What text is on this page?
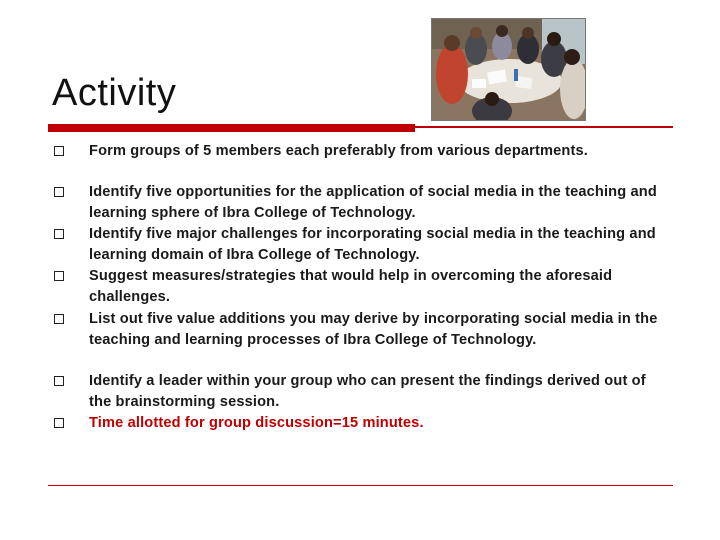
Activity
Form groups of 5 members each preferably from various departments.
Identify five opportunities for the application of social media in the teaching and learning sphere of Ibra College of Technology.
Identify five major challenges for incorporating social media in the teaching and learning domain of Ibra College of Technology.
Suggest measures/strategies that would help in overcoming the aforesaid challenges.
List out five value additions you may derive by incorporating social media in the teaching and learning processes of Ibra College of Technology.
Identify a leader within your group who can present the findings derived out of the brainstorming session.
Time allotted for group discussion=15 minutes.
